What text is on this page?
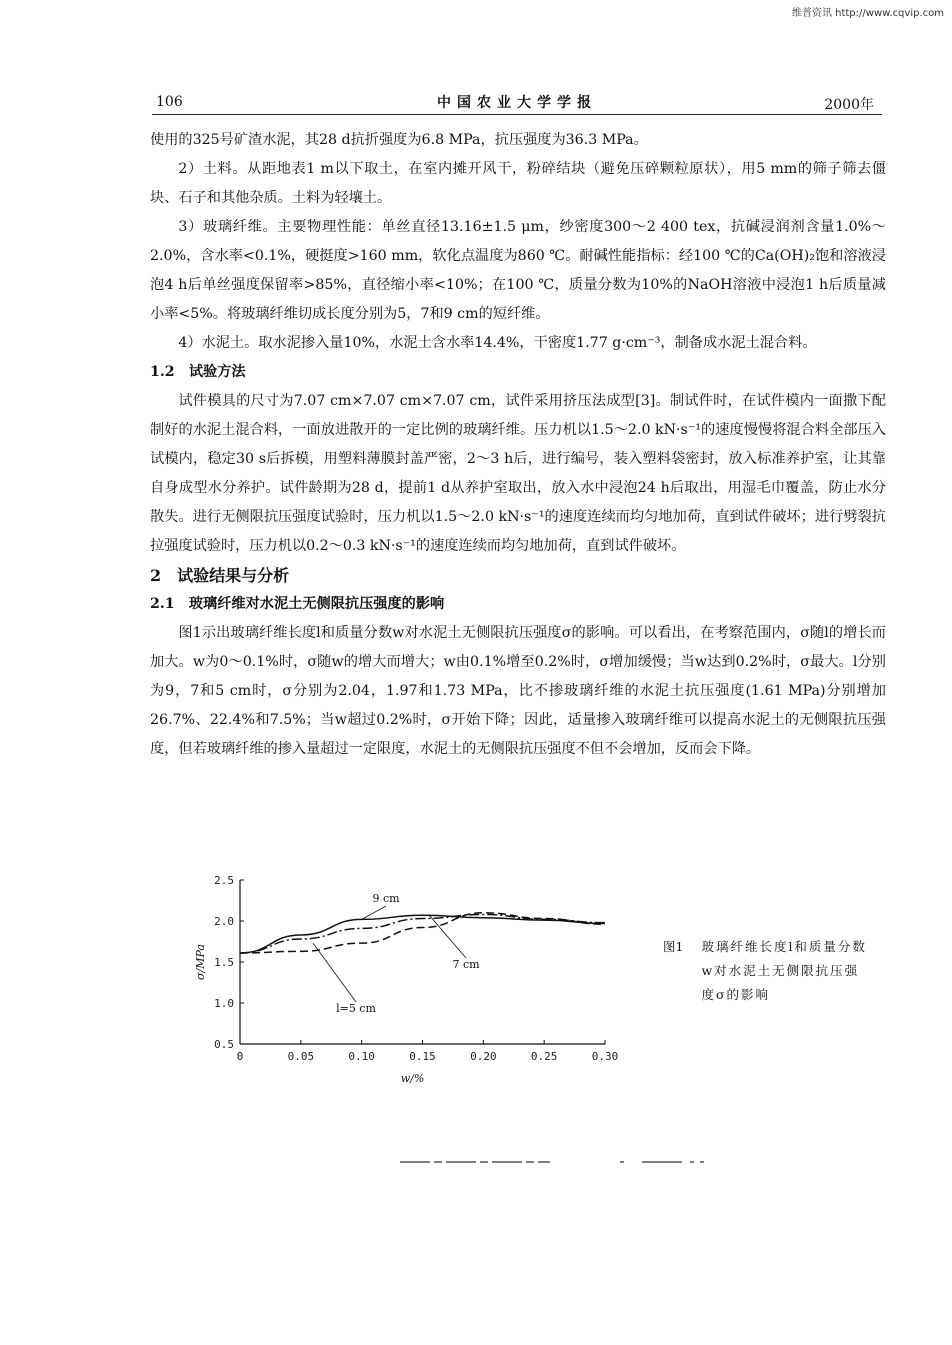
维普资讯 http://www.cqvip.com
106	中国农业大学学报	2000年

使用的325号矿渣水泥，其28 d抗折强度为6.8 MPa，抗压强度为36.3 MPa。

2）土料。从距地表1 m以下取土，在室内摊开风干，粉碎结块（避免压碎颗粒原状），用5 mm的筛子筛去僵块、石子和其他杂质。土料为轻壤土。

3）玻璃纤维。主要物理性能：单丝直径13.16±1.5 μm，纱密度300～2 400 tex，抗碱浸润剂含量1.0%～2.0%，含水率<0.1%，硬挺度>160 mm，软化点温度为860 ℃。耐碱性能指标：经100 ℃的Ca(OH)₂饱和溶液浸泡4 h后单丝强度保留率>85%，直径缩小率<10%；在100 ℃，质量分数为10%的NaOH溶液中浸泡1 h后质量减小率<5%。将玻璃纤维切成长度分别为5，7和9 cm的短纤维。

4）水泥土。取水泥掺入量10%，水泥土含水率14.4%，干密度1.77 g·cm⁻³，制备成水泥土混合料。

1.2　试验方法

试件模具的尺寸为7.07 cm×7.07 cm×7.07 cm，试件采用挤压法成型[3]。制试件时，在试件模内一面撒下配制好的水泥土混合料，一面放进散开的一定比例的玻璃纤维。压力机以1.5～2.0 kN·s⁻¹的速度慢慢将混合料全部压入试模内，稳定30 s后拆模，用塑料薄膜封盖严密，2～3 h后，进行编号，装入塑料袋密封，放入标准养护室，让其靠自身成型水分养护。试件龄期为28 d，提前1 d从养护室取出，放入水中浸泡24 h后取出，用湿毛巾覆盖，防止水分散失。进行无侧限抗压强度试验时，压力机以1.5～2.0 kN·s⁻¹的速度连续而均匀地加荷，直到试件破坏；进行劈裂抗拉强度试验时，压力机以0.2～0.3 kN·s⁻¹的速度连续而均匀地加荷，直到试件破坏。

2　试验结果与分析

2.1　玻璃纤维对水泥土无侧限抗压强度的影响

图1示出玻璃纤维长度l和质量分数w对水泥土无侧限抗压强度σ的影响。可以看出，在考察范围内，σ随l的增长而加大。w为0～0.1%时，σ随w的增大而增大；w由0.1%增至0.2%时，σ增加缓慢；当w达到0.2%时，σ最大。l分别为9，7和5 cm时，σ分别为2.04，1.97和1.73 MPa，比不掺玻璃纤维的水泥土抗压强度(1.61 MPa)分别增加26.7%、22.4%和7.5%；当w超过0.2%时，σ开始下降；因此，适量掺入玻璃纤维可以提高水泥土的无侧限抗压强度，但若玻璃纤维的掺入量超过一定限度，水泥土的无侧限抗压强度不但不会增加，反而会下降。

0	0.05	0.10	0.15	0.20	0.25	0.30
0.5
1.0
1.5
2.0
2.5
w/%
σ/MPa
9 cm
7 cm
l=5 cm
图1 玻璃纤维长度l和质量分数w对水泥土无侧限抗压强度σ的影响
